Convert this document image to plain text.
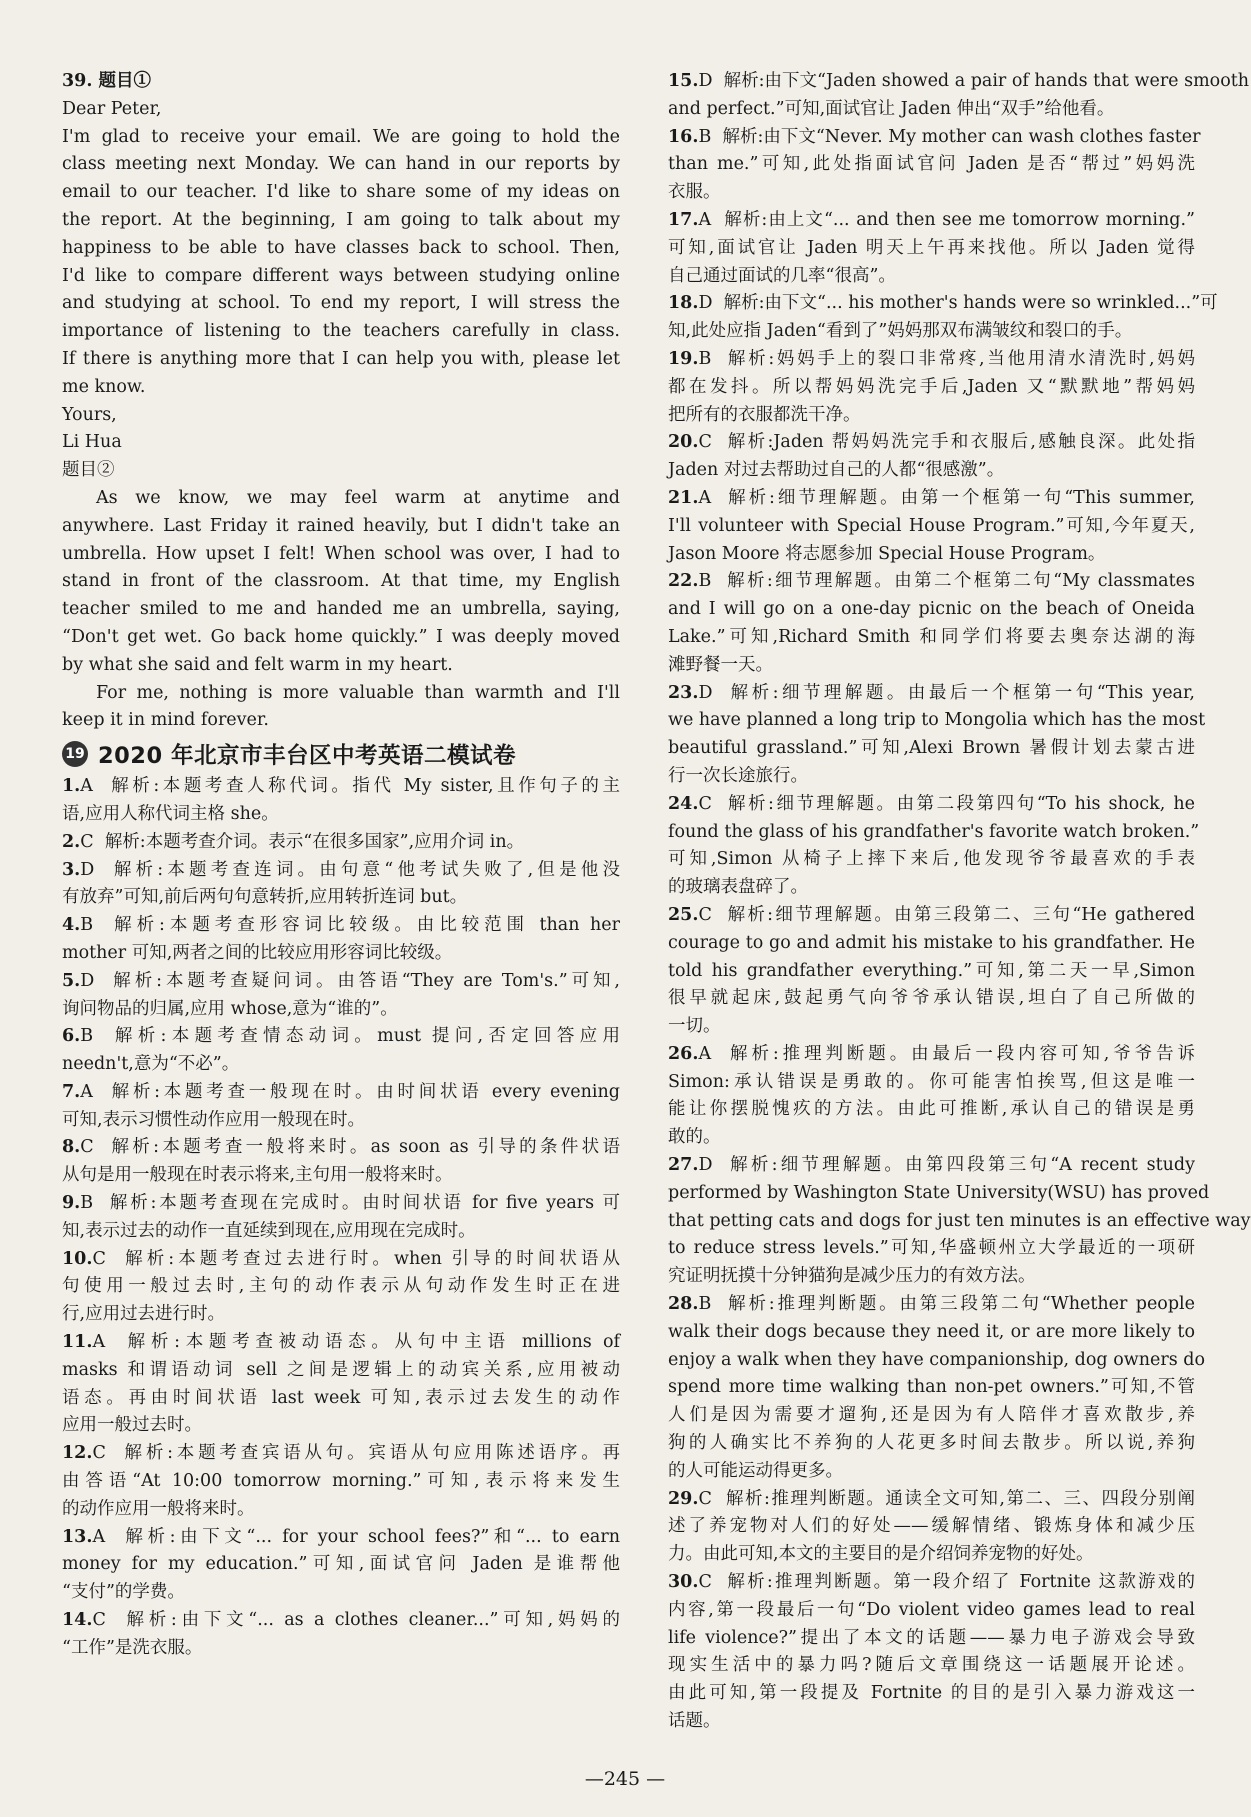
39. 题目①
Dear Peter,
I'm glad to receive your email. We are going to hold the
class meeting next Monday. We can hand in our reports by
email to our teacher. I'd like to share some of my ideas on
the report. At the beginning, I am going to talk about my
happiness to be able to have classes back to school. Then,
I'd like to compare different ways between studying online
and studying at school. To end my report, I will stress the
importance of listening to the teachers carefully in class.
If there is anything more that I can help you with, please let
me know.
Yours,
Li Hua
题目②
As we know, we may feel warm at anytime and
anywhere. Last Friday it rained heavily, but I didn't take an
umbrella. How upset I felt! When school was over, I had to
stand in front of the classroom. At that time, my English
teacher smiled to me and handed me an umbrella, saying,
“Don't get wet. Go back home quickly.” I was deeply moved
by what she said and felt warm in my heart.
For me, nothing is more valuable than warmth and I'll
keep it in mind forever.
19 2020 年北京市丰台区中考英语二模试卷
1.A 解析:本题考查人称代词。指代 My sister,且作句子的主
语,应用人称代词主格 she。
2.C 解析:本题考查介词。表示“在很多国家”,应用介词 in。
3.D 解析:本题考查连词。由句意“他考试失败了,但是他没
有放弃”可知,前后两句句意转折,应用转折连词 but。
4.B 解析:本题考查形容词比较级。由比较范围 than her
mother 可知,两者之间的比较应用形容词比较级。
5.D 解析:本题考查疑问词。由答语“They are Tom's.”可知,
询问物品的归属,应用 whose,意为“谁的”。
6.B 解析:本题考查情态动词。must 提问,否定回答应用
needn't,意为“不必”。
7.A 解析:本题考查一般现在时。由时间状语 every evening
可知,表示习惯性动作应用一般现在时。
8.C 解析:本题考查一般将来时。as soon as 引导的条件状语
从句是用一般现在时表示将来,主句用一般将来时。
9.B 解析:本题考查现在完成时。由时间状语 for five years 可
知,表示过去的动作一直延续到现在,应用现在完成时。
10.C 解析:本题考查过去进行时。when 引导的时间状语从
句使用一般过去时,主句的动作表示从句动作发生时正在进
行,应用过去进行时。
11.A 解析:本题考查被动语态。从句中主语 millions of
masks 和谓语动词 sell 之间是逻辑上的动宾关系,应用被动
语态。再由时间状语 last week 可知,表示过去发生的动作
应用一般过去时。
12.C 解析:本题考查宾语从句。宾语从句应用陈述语序。再
由答语“At 10:00 tomorrow morning.”可知,表示将来发生
的动作应用一般将来时。
13.A 解析:由下文“... for your school fees?”和“... to earn
money for my education.”可知,面试官问 Jaden 是谁帮他
“支付”的学费。
14.C 解析:由下文“... as a clothes cleaner...”可知,妈妈的
“工作”是洗衣服。
15.D 解析:由下文“Jaden showed a pair of hands that were smooth
and perfect.”可知,面试官让 Jaden 伸出“双手”给他看。
16.B 解析:由下文“Never. My mother can wash clothes faster
than me.”可知,此处指面试官问 Jaden 是否“帮过”妈妈洗
衣服。
17.A 解析:由上文“... and then see me tomorrow morning.”
可知,面试官让 Jaden 明天上午再来找他。所以 Jaden 觉得
自己通过面试的几率“很高”。
18.D 解析:由下文“... his mother's hands were so wrinkled...”可
知,此处应指 Jaden“看到了”妈妈那双布满皱纹和裂口的手。
19.B 解析:妈妈手上的裂口非常疼,当他用清水清洗时,妈妈
都在发抖。所以帮妈妈洗完手后,Jaden 又“默默地”帮妈妈
把所有的衣服都洗干净。
20.C 解析:Jaden 帮妈妈洗完手和衣服后,感触良深。此处指
Jaden 对过去帮助过自己的人都“很感激”。
21.A 解析:细节理解题。由第一个框第一句“This summer,
I'll volunteer with Special House Program.”可知,今年夏天,
Jason Moore 将志愿参加 Special House Program。
22.B 解析:细节理解题。由第二个框第二句“My classmates
and I will go on a one-day picnic on the beach of Oneida
Lake.”可知,Richard Smith 和同学们将要去奥奈达湖的海
滩野餐一天。
23.D 解析:细节理解题。由最后一个框第一句“This year,
we have planned a long trip to Mongolia which has the most
beautiful grassland.”可知,Alexi Brown 暑假计划去蒙古进
行一次长途旅行。
24.C 解析:细节理解题。由第二段第四句“To his shock, he
found the glass of his grandfather's favorite watch broken.”
可知,Simon 从椅子上摔下来后,他发现爷爷最喜欢的手表
的玻璃表盘碎了。
25.C 解析:细节理解题。由第三段第二、三句“He gathered
courage to go and admit his mistake to his grandfather. He
told his grandfather everything.”可知,第二天一早,Simon
很早就起床,鼓起勇气向爷爷承认错误,坦白了自己所做的
一切。
26.A 解析:推理判断题。由最后一段内容可知,爷爷告诉
Simon:承认错误是勇敢的。你可能害怕挨骂,但这是唯一
能让你摆脱愧疚的方法。由此可推断,承认自己的错误是勇
敢的。
27.D 解析:细节理解题。由第四段第三句“A recent study
performed by Washington State University(WSU) has proved
that petting cats and dogs for just ten minutes is an effective way
to reduce stress levels.”可知,华盛顿州立大学最近的一项研
究证明抚摸十分钟猫狗是减少压力的有效方法。
28.B 解析:推理判断题。由第三段第二句“Whether people
walk their dogs because they need it, or are more likely to
enjoy a walk when they have companionship, dog owners do
spend more time walking than non-pet owners.”可知,不管
人们是因为需要才遛狗,还是因为有人陪伴才喜欢散步,养
狗的人确实比不养狗的人花更多时间去散步。所以说,养狗
的人可能运动得更多。
29.C 解析:推理判断题。通读全文可知,第二、三、四段分别阐
述了养宠物对人们的好处——缓解情绪、锻炼身体和减少压
力。由此可知,本文的主要目的是介绍饲养宠物的好处。
30.C 解析:推理判断题。第一段介绍了 Fortnite 这款游戏的
内容,第一段最后一句“Do violent video games lead to real
life violence?”提出了本文的话题——暴力电子游戏会导致
现实生活中的暴力吗?随后文章围绕这一话题展开论述。
由此可知,第一段提及 Fortnite 的目的是引入暴力游戏这一
话题。
—245 —
